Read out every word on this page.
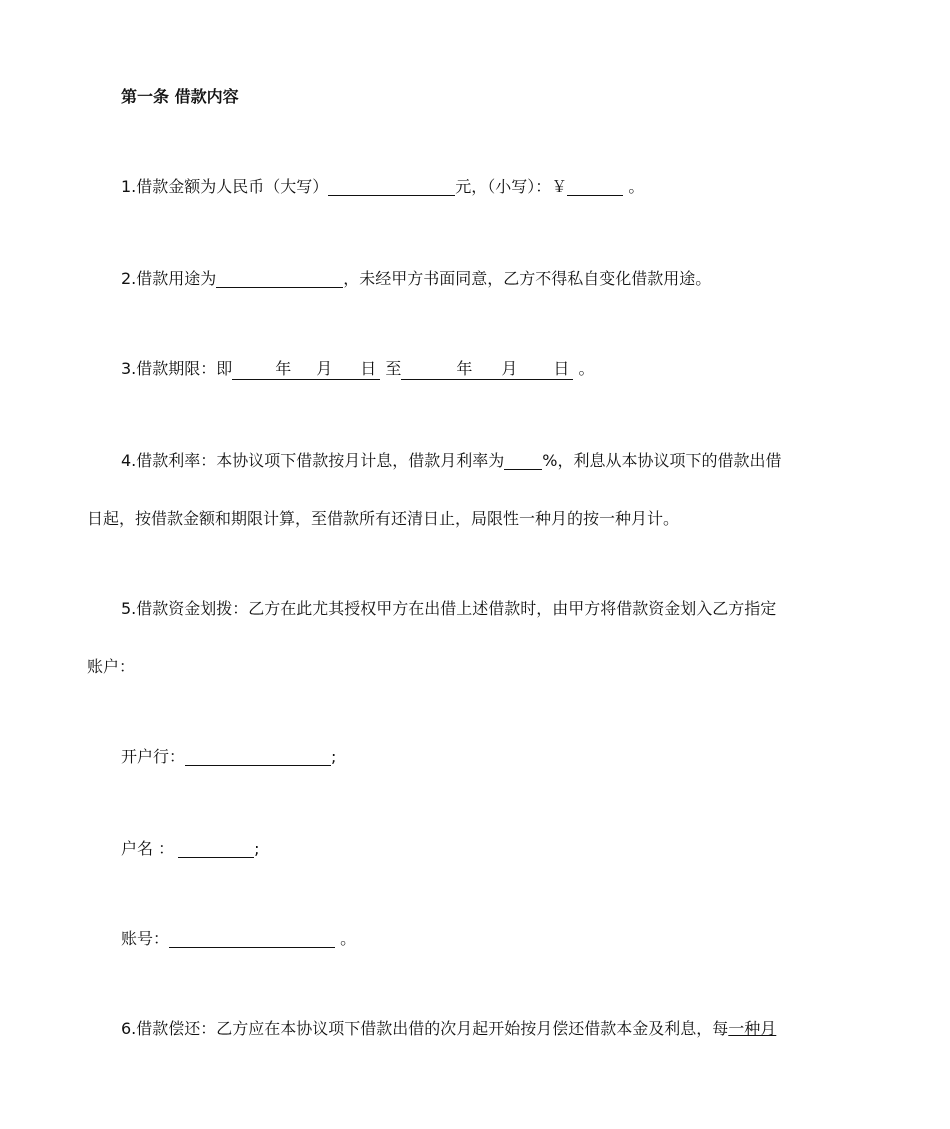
第一条 借款内容
1.借款金额为人民币（大写）	元，（小写）：￥	。
2.借款用途为	，未经甲方书面同意，乙方不得私自变化借款用途。
3.借款期限：即	年 月 日 至	年 月 日 。
4.借款利率：本协议项下借款按月计息，借款月利率为 %，利息从本协议项下的借款出借
日起，按借款金额和期限计算，至借款所有还清日止，局限性一种月的按一种月计。
5.借款资金划拨：乙方在此尤其授权甲方在出借上述借款时，由甲方将借款资金划入乙方指定
账户：
开户行：	;
户名 ：	;
账号：	。
6.借款偿还：乙方应在本协议项下借款出借的次月起开始按月偿还借款本金及利息，每一种月
